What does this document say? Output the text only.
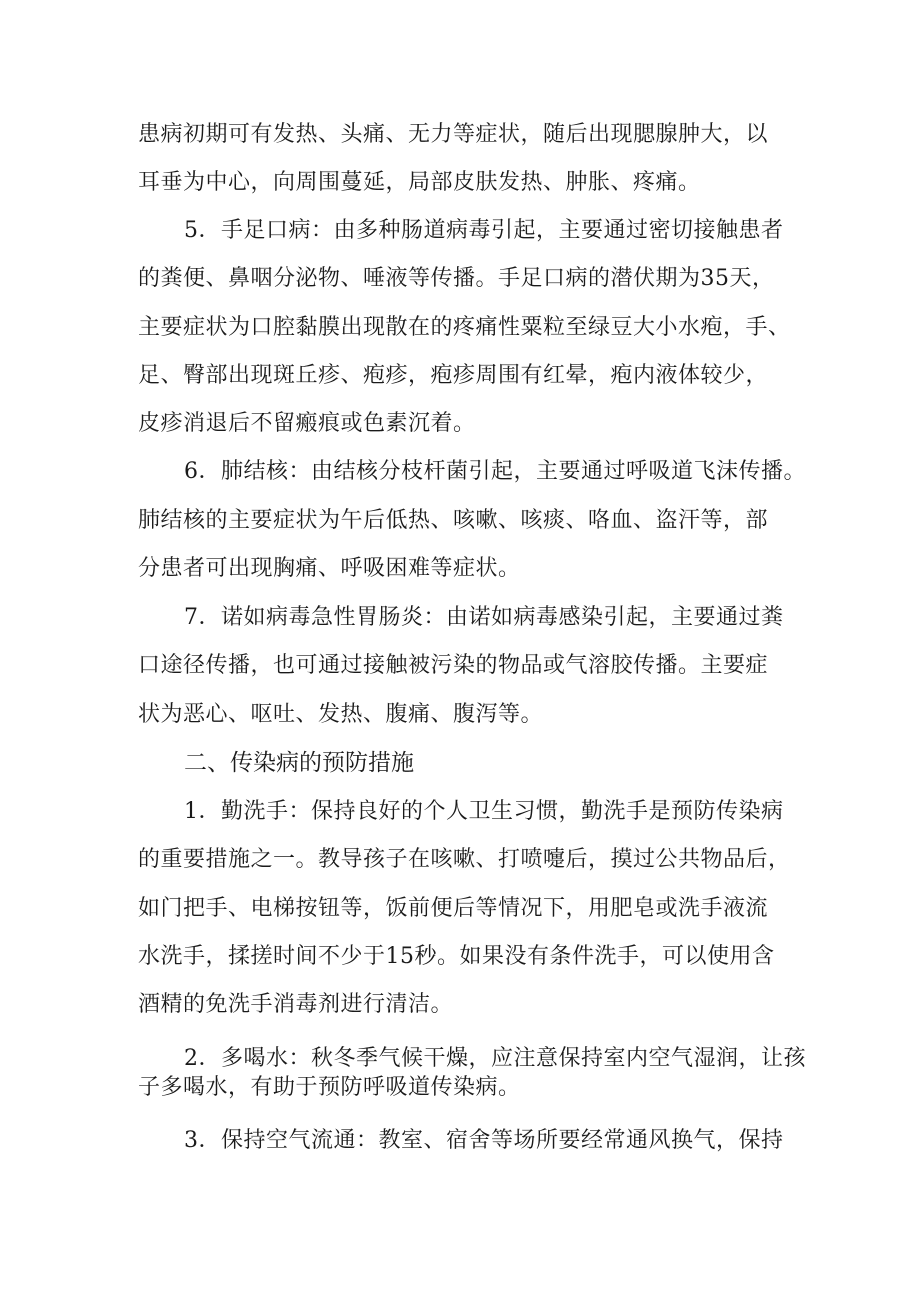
患病初期可有发热、头痛、无力等症状，随后出现腮腺肿大，以
耳垂为中心，向周围蔓延，局部皮肤发热、肿胀、疼痛。
5．手足口病：由多种肠道病毒引起，主要通过密切接触患者
的粪便、鼻咽分泌物、唾液等传播。手足口病的潜伏期为35天，
主要症状为口腔黏膜出现散在的疼痛性粟粒至绿豆大小水疱，手、
足、臀部出现斑丘疹、疱疹，疱疹周围有红晕，疱内液体较少，
皮疹消退后不留瘢痕或色素沉着。
6．肺结核：由结核分枝杆菌引起，主要通过呼吸道飞沫传播。
肺结核的主要症状为午后低热、咳嗽、咳痰、咯血、盗汗等，部
分患者可出现胸痛、呼吸困难等症状。
7．诺如病毒急性胃肠炎：由诺如病毒感染引起，主要通过粪
口途径传播，也可通过接触被污染的物品或气溶胶传播。主要症
状为恶心、呕吐、发热、腹痛、腹泻等。
二、传染病的预防措施
1．勤洗手：保持良好的个人卫生习惯，勤洗手是预防传染病
的重要措施之一。教导孩子在咳嗽、打喷嚏后，摸过公共物品后，
如门把手、电梯按钮等，饭前便后等情况下，用肥皂或洗手液流
水洗手，揉搓时间不少于15秒。如果没有条件洗手，可以使用含
酒精的免洗手消毒剂进行清洁。
2．多喝水：秋冬季气候干燥，应注意保持室内空气湿润，让孩
子多喝水，有助于预防呼吸道传染病。
3．保持空气流通：教室、宿舍等场所要经常通风换气，保持
